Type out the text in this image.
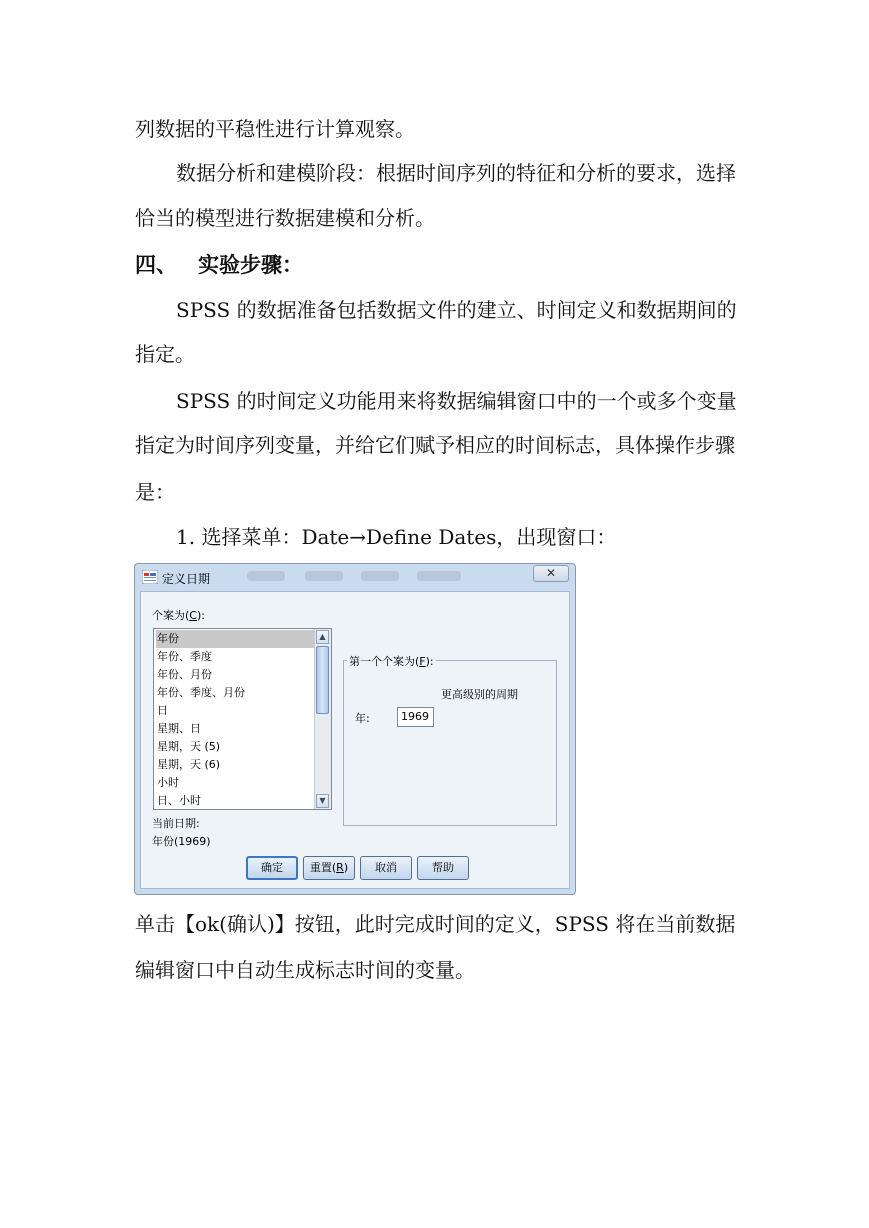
列数据的平稳性进行计算观察。
数据分析和建模阶段：根据时间序列的特征和分析的要求，选择
恰当的模型进行数据建模和分析。
四、 实验步骤：
SPSS 的数据准备包括数据文件的建立、时间定义和数据期间的
指定。
SPSS 的时间定义功能用来将数据编辑窗口中的一个或多个变量
指定为时间序列变量，并给它们赋予相应的时间标志，具体操作步骤
是：
1. 选择菜单：Date→Define Dates，出现窗口：
定义日期	✕
个案为(C):
年份
年份、季度
年份、月份
年份、季度、月份
日
星期、日
星期，天 (5)
星期，天 (6)
小时
日、小时
▲
▼
第一个个案为(F):
更高级别的周期
年:	1969
当前日期:
年份(1969)
确定	重置(R)	取消	帮助
单击【ok(确认)】按钮，此时完成时间的定义，SPSS 将在当前数据
编辑窗口中自动生成标志时间的变量。
